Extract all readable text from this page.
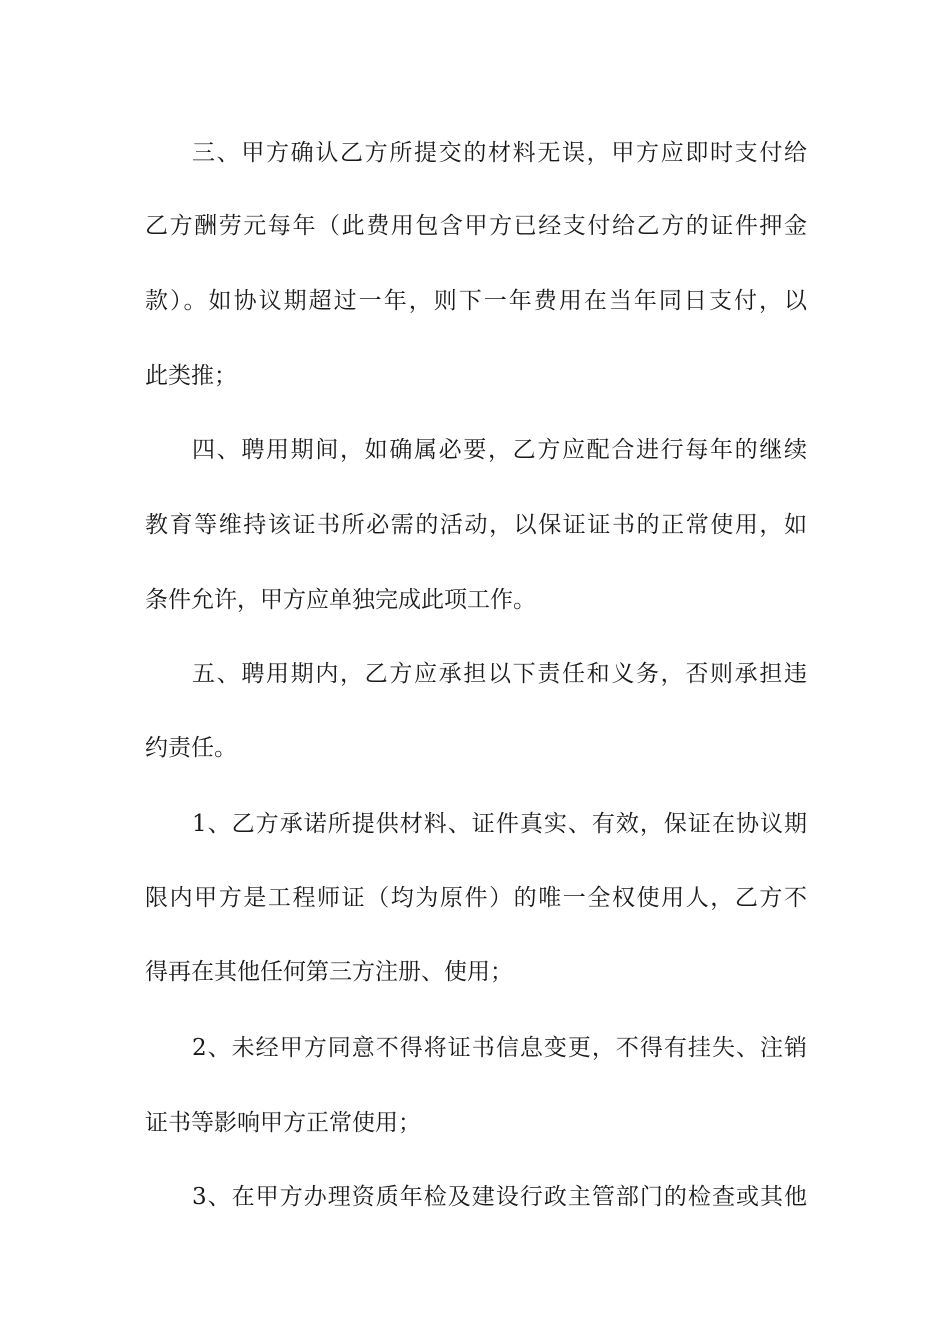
三、甲方确认乙方所提交的材料无误，甲方应即时支付给
乙方酬劳元每年（此费用包含甲方已经支付给乙方的证件押金
款）。如协议期超过一年，则下一年费用在当年同日支付，以
此类推；
四、聘用期间，如确属必要，乙方应配合进行每年的继续
教育等维持该证书所必需的活动，以保证证书的正常使用，如
条件允许，甲方应单独完成此项工作。
五、聘用期内，乙方应承担以下责任和义务，否则承担违
约责任。
1、乙方承诺所提供材料、证件真实、有效，保证在协议期
限内甲方是工程师证（均为原件）的唯一全权使用人，乙方不
得再在其他任何第三方注册、使用；
2、未经甲方同意不得将证书信息变更，不得有挂失、注销
证书等影响甲方正常使用；
3、在甲方办理资质年检及建设行政主管部门的检查或其他
